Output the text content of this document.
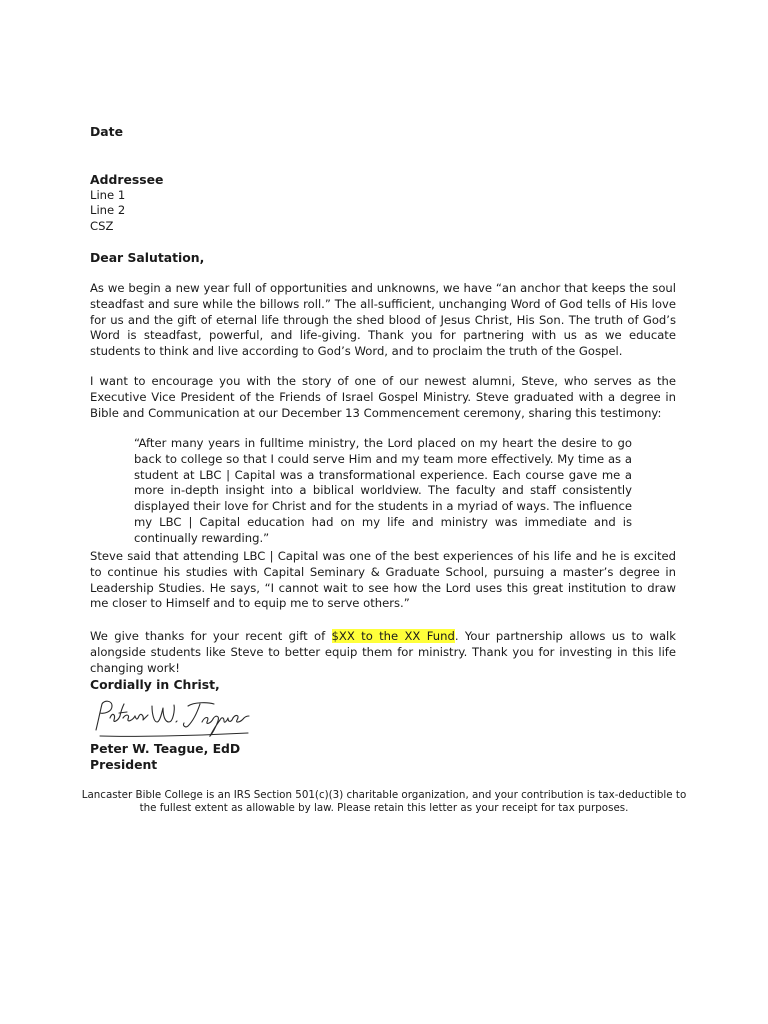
Date
Addressee
Line 1
Line 2
CSZ
Dear Salutation,

As we begin a new year full of opportunities and unknowns, we have “an anchor that keeps the soul steadfast and sure while the billows roll.” The all-sufficient, unchanging Word of God tells of His love for us and the gift of eternal life through the shed blood of Jesus Christ, His Son. The truth of God’s Word is steadfast, powerful, and life-giving. Thank you for partnering with us as we educate students to think and live according to God’s Word, and to proclaim the truth of the Gospel.

I want to encourage you with the story of one of our newest alumni, Steve, who serves as the Executive Vice President of the Friends of Israel Gospel Ministry. Steve graduated with a degree in Bible and Communication at our December 13 Commencement ceremony, sharing this testimony:

“After many years in fulltime ministry, the Lord placed on my heart the desire to go back to college so that I could serve Him and my team more effectively. My time as a student at LBC | Capital was a transformational experience. Each course gave me a more in-depth insight into a biblical worldview. The faculty and staff consistently displayed their love for Christ and for the students in a myriad of ways. The influence my LBC | Capital education had on my life and ministry was immediate and is continually rewarding.”

Steve said that attending LBC | Capital was one of the best experiences of his life and he is excited to continue his studies with Capital Seminary & Graduate School, pursuing a master’s degree in Leadership Studies. He says, “I cannot wait to see how the Lord uses this great institution to draw me closer to Himself and to equip me to serve others.”

We give thanks for your recent gift of $XX to the XX Fund. Your partnership allows us to walk alongside students like Steve to better equip them for ministry. Thank you for investing in this life changing work!

Cordially in Christ,
Peter W. Teague, EdD
President
Lancaster Bible College is an IRS Section 501(c)(3) charitable organization, and your contribution is tax-deductible to the fullest extent as allowable by law. Please retain this letter as your receipt for tax purposes.
